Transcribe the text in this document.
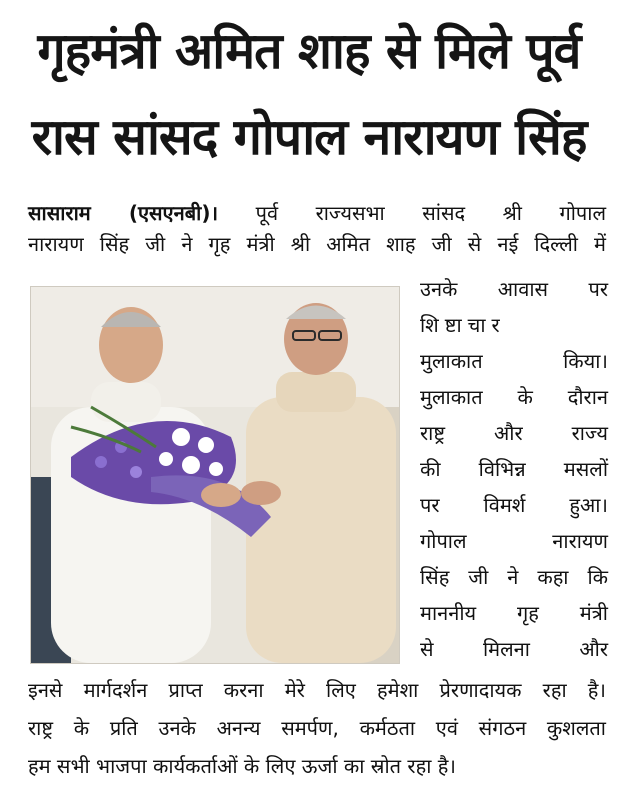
गृहमंत्री अमित शाह से मिले पूर्व
रास सांसद गोपाल नारायण सिंह
सासाराम (एसएनबी)। पूर्व राज्यसभा सांसद श्री गोपाल
नारायण सिंह जी ने गृह मंत्री श्री अमित शाह जी से नई दिल्ली में
उनके आवास पर
शिष्टाचार
मुलाकात किया।
मुलाकात के दौरान
राष्ट्र और राज्य
की विभिन्न मसलों
पर विमर्श हुआ।
गोपाल नारायण
सिंह जी ने कहा कि
माननीय गृह मंत्री
से मिलना और
इनसे मार्गदर्शन प्राप्त करना मेरे लिए हमेशा प्रेरणादायक रहा है।
राष्ट्र के प्रति उनके अनन्य समर्पण, कर्मठता एवं संगठन कुशलता
हम सभी भाजपा कार्यकर्ताओं के लिए ऊर्जा का स्रोत रहा है।
